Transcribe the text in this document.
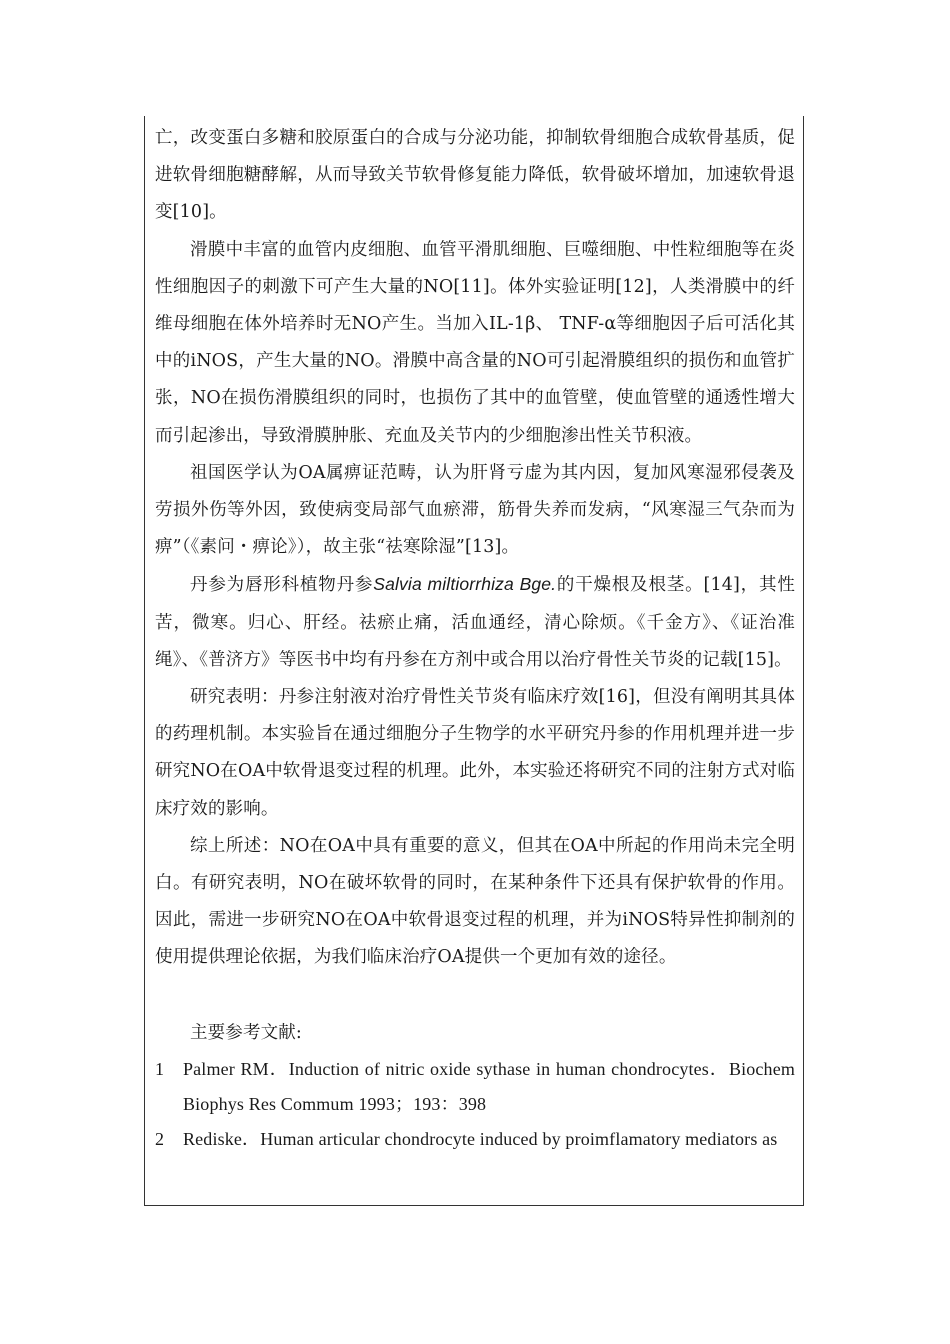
亡，改变蛋白多糖和胶原蛋白的合成与分泌功能，抑制软骨细胞合成软骨基质，促进软骨细胞糖酵解，从而导致关节软骨修复能力降低，软骨破坏增加，加速软骨退变[10]。

滑膜中丰富的血管内皮细胞、血管平滑肌细胞、巨噬细胞、中性粒细胞等在炎性细胞因子的刺激下可产生大量的NO[11]。体外实验证明[12]，人类滑膜中的纤维母细胞在体外培养时无NO产生。当加入IL-1β、 TNF-α等细胞因子后可活化其中的iNOS，产生大量的NO。滑膜中高含量的NO可引起滑膜组织的损伤和血管扩张，NO在损伤滑膜组织的同时，也损伤了其中的血管壁，使血管壁的通透性增大而引起渗出，导致滑膜肿胀、充血及关节内的少细胞渗出性关节积液。

祖国医学认为OA属痹证范畴，认为肝肾亏虚为其内因，复加风寒湿邪侵袭及劳损外伤等外因，致使病变局部气血瘀滞，筋骨失养而发病，“风寒湿三气杂而为痹”（《素问・痹论》），故主张“祛寒除湿”[13]。

丹参为唇形科植物丹参Salvia miltiorrhiza Bge.的干燥根及根茎。[14]，其性苦，微寒。归心、肝经。祛瘀止痛，活血通经，清心除烦。《千金方》、《证治准绳》、《普济方》等医书中均有丹参在方剂中或合用以治疗骨性关节炎的记载[15]。

研究表明：丹参注射液对治疗骨性关节炎有临床疗效[16]，但没有阐明其具体的药理机制。本实验旨在通过细胞分子生物学的水平研究丹参的作用机理并进一步研究NO在OA中软骨退变过程的机理。此外，本实验还将研究不同的注射方式对临床疗效的影响。

综上所述：NO在OA中具有重要的意义，但其在OA中所起的作用尚未完全明白。有研究表明，NO在破坏软骨的同时，在某种条件下还具有保护软骨的作用。因此，需进一步研究NO在OA中软骨退变过程的机理，并为iNOS特异性抑制剂的使用提供理论依据，为我们临床治疗OA提供一个更加有效的途径。

主要参考文献:

1	Palmer RM．Induction of nitric oxide sythase in human chondrocytes．Biochem Biophys Res Commum 1993；193：398
2	Rediske．Human articular chondrocyte induced by proimflamatory mediators as
